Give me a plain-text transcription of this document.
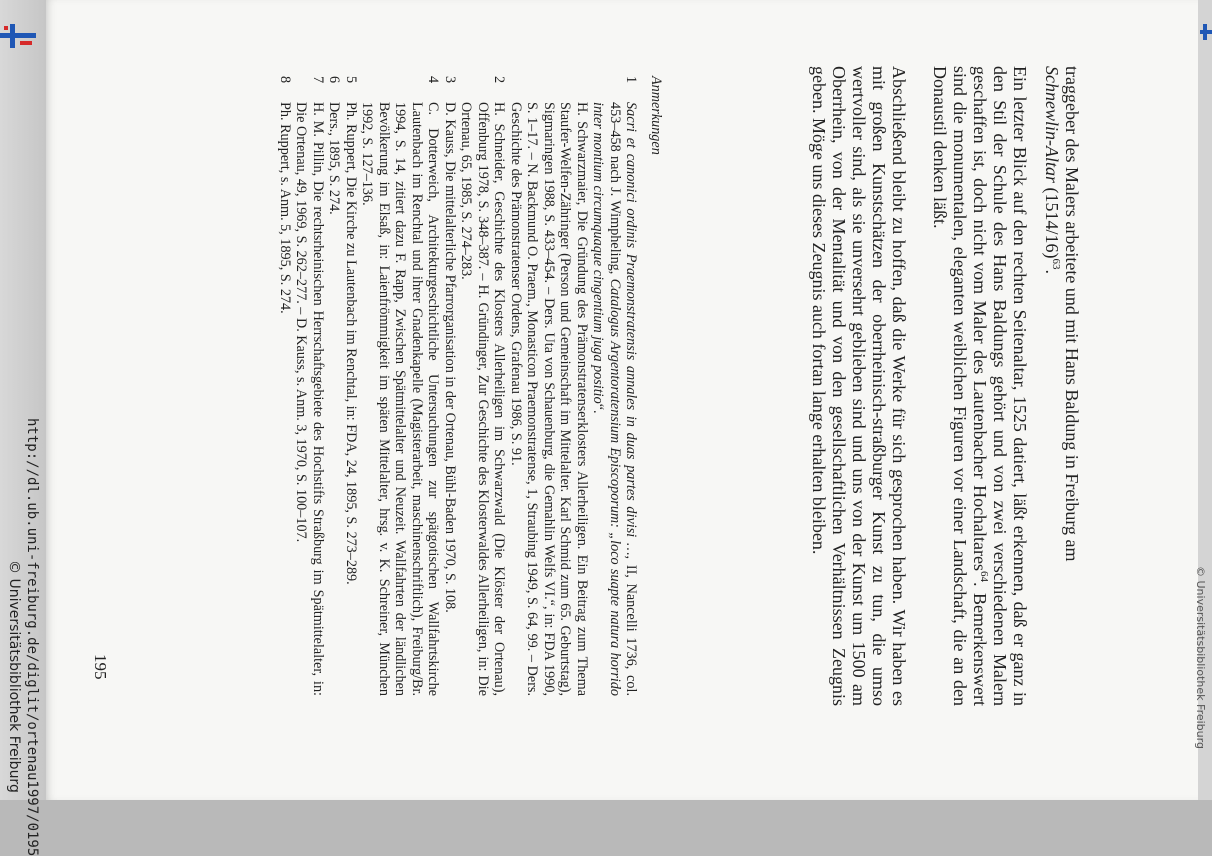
traggeber des Malers arbeitete und mit Hans Baldung in Freiburg am
Schnewlin-Altar $(1514/16)^{63}$.

Ein letzter Blick auf den rechten Seitenaltar, 1525 datiert, läßt erkennen, daß er ganz in den Stil der Schule des Hans Baldungs gehört und von zwei verschiedenen Malern geschaffen ist, doch nicht vom Maler des Lautenbacher Hochaltares$^{64}$. Bemerkenswert sind die monumentalen, eleganten weiblichen Figuren vor einer Landschaft, die an den Donaustil denken läßt.

Abschließend bleibt zu hoffen, daß die Werke für sich gesprochen haben. Wir haben es mit großen Kunstschätzen der oberrheinisch-straßburger Kunst zu tun, die umso wertvoller sind, als sie unversehrt geblieben sind und uns von der Kunst um 1500 am Oberrhein, von der Mentalität und von den gesellschaftlichen Verhältnissen Zeugnis geben. Möge uns dieses Zeugnis auch fortan lange erhalten bleiben.

Anmerkungen
1
Sacri et canonici ordinis Praemonstratensis annales in duas partes divisi …, II, Nancelli 1736, col. 453–458 nach J. Wimpheling, Catalogus Argentoratensium Episcoporum: „loco suapte natura horrido inter montium circumquaque cingentium juga positio“.
H. Schwarzmaier, Die Gründung des Prämonstratenserklosters Allerheiligen. Ein Beitrag zum Thema Staufer-Welfen-Zähringer (Person und Gemeinschaft im Mittelalter. Karl Schmid zum 65. Geburtstag), Sigmaringen 1988, S. 433–454. – Ders. Uta von Schauenburg, die Gemahlin Welfs VI.“, in: FDA 1990, S. 1–17. – N. Backmund O. Praem., Monasticon Praemonstratense, 1, Straubing 1949, S. 64, 99. – Ders. Geschichte des Prämonstratenser Ordens, Grafenau 1986, S. 91.
2
H. Schneider, Geschichte des Klosters Allerheiligen im Schwarzwald (Die Klöster der Ortenau), Offenburg 1978, S. 348–387. – H. Gründinger, Zur Geschichte des Klosterwaldes Allerheiligen, in: Die Ortenau, 65, 1985, S. 274–283.
3
D. Kauss, Die mittelalterliche Pfarrorganisation in der Ortenau, Bühl-Baden 1970, S. 108.
4
C. Dotterweich, Architekturgeschichtliche Untersuchungen zur spätgotischen Wallfahrtskirche Lautenbach im Renchtal und ihrer Gnadenkapelle (Magisterarbeit, maschinenschriftlich), Freiburg/Br. 1994, S. 14, zitiert dazu F. Rapp, Zwischen Spätmittelalter und Neuzeit. Wallfahrten der ländlichen Bevölkerung im Elsaß, in: Laienfrömmigkeit im späten Mittelalter, hrsg. v. K. Schreiner, München 1992, S. 127–136.
5
Ph. Ruppert, Die Kirche zu Lautenbach im Renchtal, in: FDA, 24, 1895, S. 273–289.
6
Ders., 1895, S. 274.
7
H. M. Pillin, Die rechtsrheinischen Herrschaftsgebiete des Hochstifts Straßburg im Spätmittelalter, in: Die Ortenau, 49, 1969, S. 262–277. – D. Kauss, s. Anm. 3, 1970, S. 100–107.
8
Ph. Ruppert, s. Anm. 5, 1895, S. 274.
195
http://dl.ub.uni-freiburg.de/diglit/ortenau1997/0195
© Universitätsbibliothek Freiburg	© Universitätsbibliothek Freiburg
